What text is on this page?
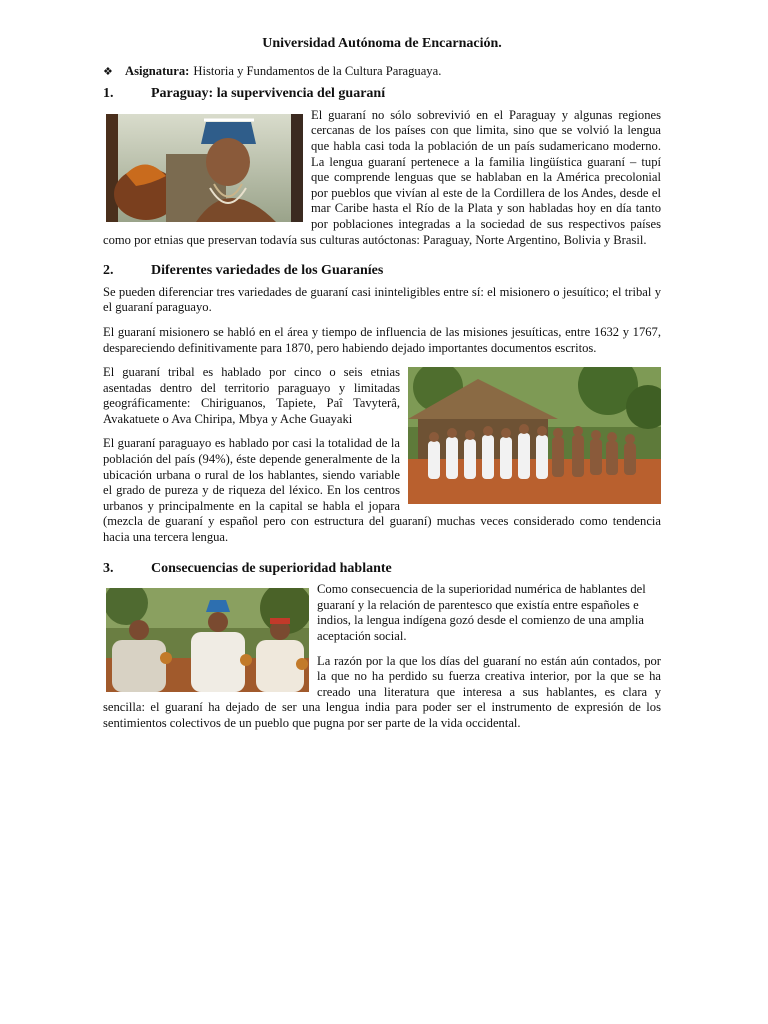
Universidad Autónoma de Encarnación.
❖ Asignatura: Historia y Fundamentos de la Cultura Paraguaya.
1.	Paraguay: la supervivencia del guaraní

El guaraní no sólo sobrevivió en el Paraguay y algunas regiones cercanas de los países con que limita, sino que se volvió la lengua que habla casi toda la población de un país sudamericano moderno. La lengua guaraní pertenece a la familia lingüística guaraní – tupí que comprende lenguas que se hablaban en la América precolonial por pueblos que vivían al este de la Cordillera de los Andes, desde el mar Caribe hasta el Río de la Plata y son habladas hoy en día tanto por poblaciones integradas a la sociedad de sus respectivos países como por etnias que preservan todavía sus culturas autóctonas: Paraguay, Norte Argentino, Bolivia y Brasil.

2.	Diferentes variedades de los Guaraníes

Se pueden diferenciar tres variedades de guaraní casi ininteligibles entre sí: el misionero o jesuítico; el tribal y el guaraní paraguayo.

El guaraní misionero se habló en el área y tiempo de influencia de las misiones jesuíticas, entre 1632 y 1767, despareciendo definitivamente para 1870, pero habiendo dejado importantes documentos escritos.

El guaraní tribal es hablado por cinco o seis etnias asentadas dentro del territorio paraguayo y limitadas geográficamente: Chiriguanos, Tapiete, Paî Tavyterâ, Avakatuete o Ava Chiripa, Mbya y Ache Guayaki

El guaraní paraguayo es hablado por casi la totalidad de la población del país (94%), éste depende generalmente de la ubicación urbana o rural de los hablantes, siendo variable el grado de pureza y de riqueza del léxico. En los centros urbanos y principalmente en la capital se habla el jopara (mezcla de guaraní y español pero con estructura del guaraní) muchas veces considerado como tendencia hacia una tercera lengua.

3.	Consecuencias de superioridad hablante

Como consecuencia de la superioridad numérica de hablantes del guaraní y la relación de parentesco que existía entre españoles e indios, la lengua indígena gozó desde el comienzo de una amplia aceptación social.

La razón por la que los días del guaraní no están aún contados, por la que no ha perdido su fuerza creativa interior, por la que se ha creado una literatura que interesa a sus hablantes, es clara y sencilla: el guaraní ha dejado de ser una lengua india para poder ser el instrumento de expresión de los sentimientos colectivos de un pueblo que pugna por ser parte de la vida occidental.
